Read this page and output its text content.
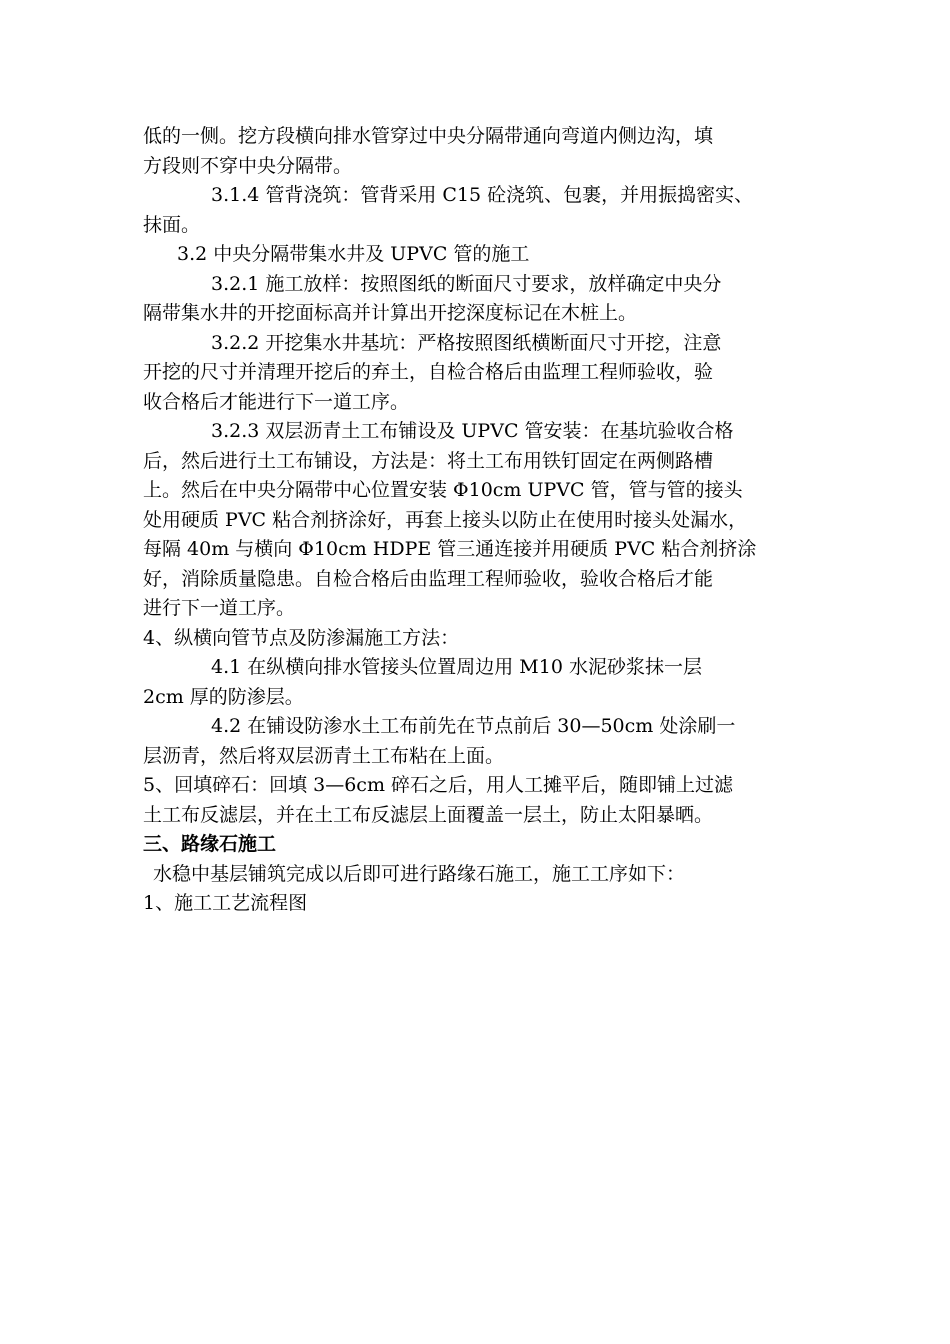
低的一侧。挖方段横向排水管穿过中央分隔带通向弯道内侧边沟，填
方段则不穿中央分隔带。
3.1.4 管背浇筑：管背采用 C15 砼浇筑、包裹，并用振捣密实、
抹面。
3.2 中央分隔带集水井及 UPVC 管的施工
3.2.1 施工放样：按照图纸的断面尺寸要求，放样确定中央分
隔带集水井的开挖面标高并计算出开挖深度标记在木桩上。
3.2.2 开挖集水井基坑：严格按照图纸横断面尺寸开挖，注意
开挖的尺寸并清理开挖后的弃土，自检合格后由监理工程师验收，验
收合格后才能进行下一道工序。
3.2.3 双层沥青土工布铺设及 UPVC 管安装：在基坑验收合格
后，然后进行土工布铺设，方法是：将土工布用铁钉固定在两侧路槽
上。然后在中央分隔带中心位置安装 Φ10cm UPVC 管，管与管的接头
处用硬质 PVC 粘合剂挤涂好，再套上接头以防止在使用时接头处漏水，
每隔 40m 与横向 Φ10cm HDPE 管三通连接并用硬质 PVC 粘合剂挤涂
好，消除质量隐患。自检合格后由监理工程师验收，验收合格后才能
进行下一道工序。
4、纵横向管节点及防渗漏施工方法：
4.1 在纵横向排水管接头位置周边用 M10 水泥砂浆抹一层
2cm 厚的防渗层。
4.2 在铺设防渗水土工布前先在节点前后 30—50cm 处涂刷一
层沥青，然后将双层沥青土工布粘在上面。
5、回填碎石：回填 3—6cm 碎石之后，用人工摊平后，随即铺上过滤
土工布反滤层，并在土工布反滤层上面覆盖一层土，防止太阳暴晒。
三、路缘石施工
水稳中基层铺筑完成以后即可进行路缘石施工，施工工序如下：
1、施工工艺流程图
